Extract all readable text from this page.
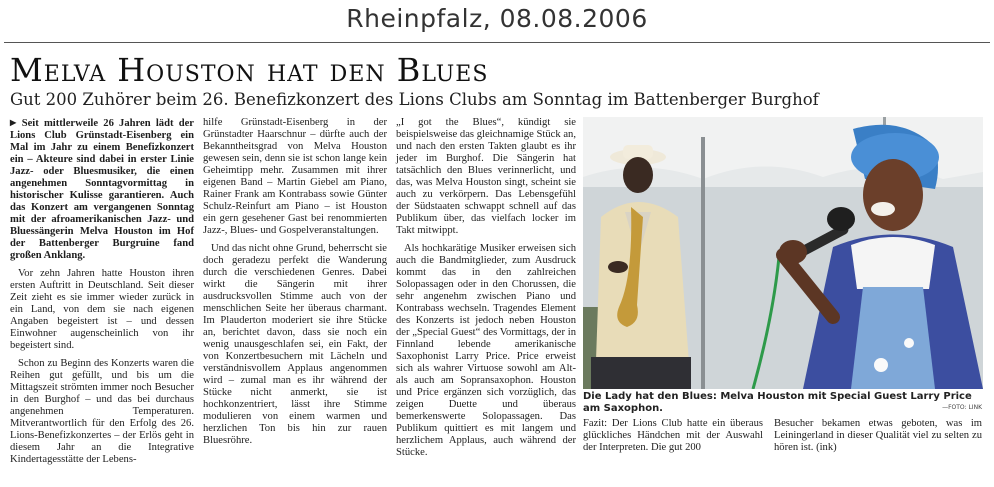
Rheinpfalz, 08.08.2006
Melva Houston hat den Blues
Gut 200 Zuhörer beim 26. Benefizkonzert des Lions Clubs am Sonntag im Battenberger Burghof

▶ Seit mittlerweile 26 Jahren lädt der Lions Club Grünstadt-Eisenberg ein Mal im Jahr zu einem Benefizkonzert ein – Akteure sind dabei in erster Linie Jazz- oder Bluesmusiker, die einen angenehmen Sonntagvormittag in historischer Kulisse garantieren. Auch das Konzert am vergangenen Sonntag mit der afroamerikanischen Jazz- und Bluessängerin Melva Houston im Hof der Battenberger Burgruine fand großen Anklang.

Vor zehn Jahren hatte Houston ihren ersten Auftritt in Deutschland. Seit dieser Zeit zieht es sie immer wieder zurück in ein Land, von dem sie nach eigenen Angaben begeistert ist – und dessen Einwohner augenscheinlich von ihr begeistert sind.

Schon zu Beginn des Konzerts waren die Reihen gut gefüllt, und bis um die Mittagszeit strömten immer noch Besucher in den Burghof – und das bei durchaus angenehmen Temperaturen. Mitverantwortlich für den Erfolg des 26. Lions-Benefizkonzertes – der Erlös geht in diesem Jahr an die Integrative Kindertagesstätte der Lebens-

hilfe Grünstadt-Eisenberg in der Grünstadter Haarschnur – dürfte auch der Bekanntheitsgrad von Melva Houston gewesen sein, denn sie ist schon lange kein Geheimtipp mehr. Zusammen mit ihrer eigenen Band – Martin Giebel am Piano, Rainer Frank am Kontrabass sowie Günter Schulz-Reinfurt am Piano – ist Houston ein gern gesehener Gast bei renommierten Jazz-, Blues- und Gospelveranstaltungen.

Und das nicht ohne Grund, beherrscht sie doch geradezu perfekt die Wanderung durch die verschiedenen Genres. Dabei wirkt die Sängerin mit ihrer ausdrucksvollen Stimme auch von der menschlichen Seite her überaus charmant. Im Plauderton moderiert sie ihre Stücke an, berichtet davon, dass sie noch ein wenig unausgeschlafen sei, ein Fakt, der von Konzertbesuchern mit Lächeln und verständnisvollem Applaus angenommen wird – zumal man es ihr während der Stücke nicht anmerkt, sie ist hochkonzentriert, lässt ihre Stimme modulieren von einem warmen und herzlichen Ton bis hin zur rauen Bluesröhre.

„I got the Blues“, kündigt sie beispielsweise das gleichnamige Stück an, und nach den ersten Takten glaubt es ihr jeder im Burghof. Die Sängerin hat tatsächlich den Blues verinnerlicht, und das, was Melva Houston singt, scheint sie auch zu verkörpern. Das Lebensgefühl der Südstaaten schwappt schnell auf das Publikum über, das vielfach locker im Takt mitwippt.

Als hochkarätige Musiker erweisen sich auch die Bandmitglieder, zum Ausdruck kommt das in den zahlreichen Solopassagen oder in den Chorussen, die sehr angenehm zwischen Piano und Kontrabass wechseln. Tragendes Element des Konzerts ist jedoch neben Houston der „Special Guest“ des Vormittags, der in Finnland lebende amerikanische Saxophonist Larry Price. Price erweist sich als wahrer Virtuose sowohl am Alt- als auch am Sopransaxophon. Houston und Price ergänzen sich vorzüglich, das zeigen Duette und überaus bemerkenswerte Solopassagen. Das Publikum quittiert es mit langem und herzlichem Applaus, auch während der Stücke.

Die Lady hat den Blues: Melva Houston mit Special Guest Larry Price am Saxophon.	—FOTO: LINK

Fazit: Der Lions Club hatte ein überaus glückliches Händchen mit der Auswahl der Interpreten. Die gut 200

Besucher bekamen etwas geboten, was im Leiningerland in dieser Qualität viel zu selten zu hören ist. (ink)
